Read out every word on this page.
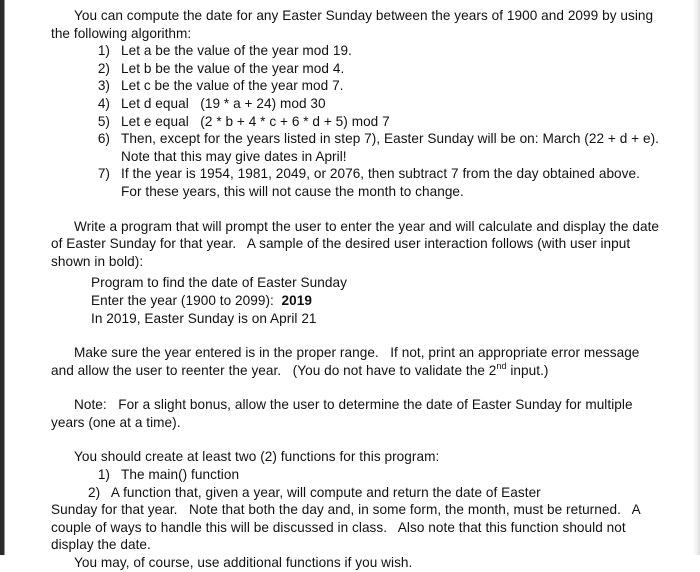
You can compute the date for any Easter Sunday between the years of 1900 and 2099 by using the following algorithm:

1) Let a be the value of the year mod 19.
2) Let b be the value of the year mod 4.
3) Let c be the value of the year mod 7.
4) Let d equal   (19 * a + 24) mod 30
5) Let e equal   (2 * b + 4 * c + 6 * d + 5) mod 7
6) Then, except for the years listed in step 7), Easter Sunday will be on: March (22 + d + e).    Note that this may give dates in April!
7) If the year is 1954, 1981, 2049, or 2076, then subtract 7 from the day obtained above.   For these years, this will not cause the month to change.

Write a program that will prompt the user to enter the year and will calculate and display the date of Easter Sunday for that year.   A sample of the desired user interaction follows (with user input shown in bold):

Program to find the date of Easter Sunday
Enter the year (1900 to 2099):  2019
In 2019, Easter Sunday is on April 21

Make sure the year entered is in the proper range.   If not, print an appropriate error message and allow the user to reenter the year.   (You do not have to validate the 2nd input.)

Note:   For a slight bonus, allow the user to determine the date of Easter Sunday for multiple years (one at a time).

You should create at least two (2) functions for this program:

1) The main() function

2)   A function that, given a year, will compute and return the date of Easter

Sunday for that year.   Note that both the day and, in some form, the month, must be returned.   A couple of ways to handle this will be discussed in class.   Also note that this function should not display the date.

You may, of course, use additional functions if you wish.
